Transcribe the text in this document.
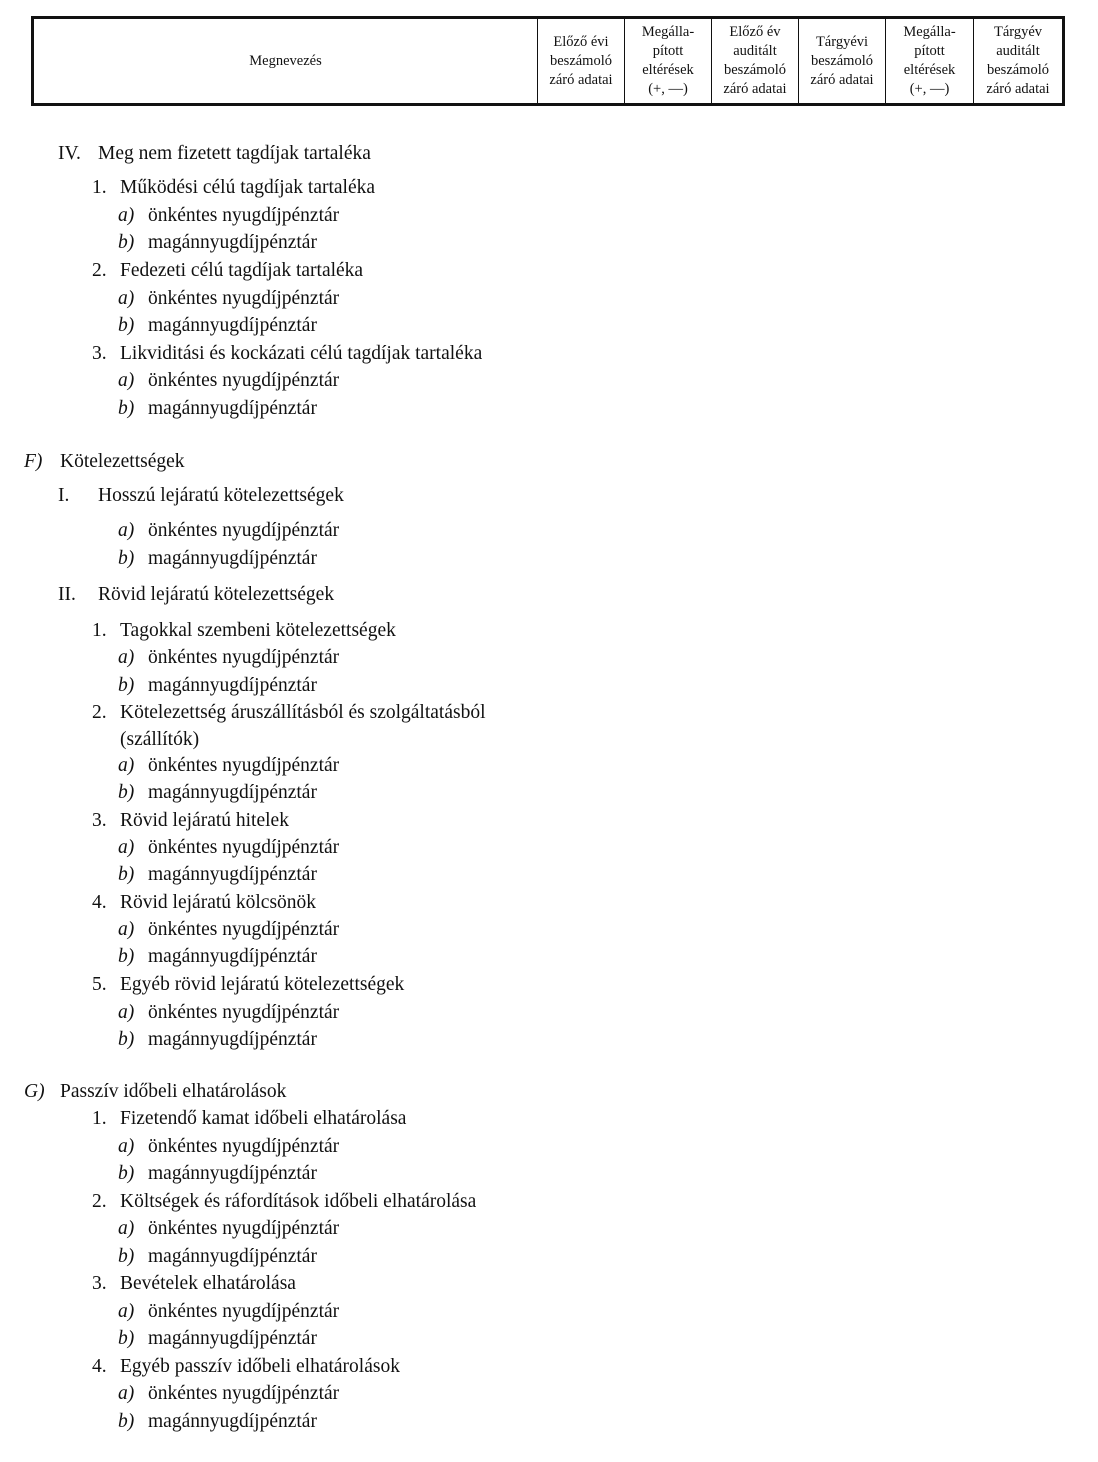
Megnevezés	Előző évi
beszámoló
záró adatai	Megálla-
pított
eltérések
(+, —)	Előző év
auditált
beszámoló
záró adatai	Tárgyévi
beszámoló
záró adatai	Megálla-
pított
eltérések
(+, —)	Tárgyév
auditált
beszámoló
záró adatai
IV. Meg nem fizetett tagdíjak tartaléka
1. Működési célú tagdíjak tartaléka
a) önkéntes nyugdíjpénztár
b) magánnyugdíjpénztár
2. Fedezeti célú tagdíjak tartaléka
a) önkéntes nyugdíjpénztár
b) magánnyugdíjpénztár
3. Likviditási és kockázati célú tagdíjak tartaléka
a) önkéntes nyugdíjpénztár
b) magánnyugdíjpénztár
F) Kötelezettségek
I. Hosszú lejáratú kötelezettségek
a) önkéntes nyugdíjpénztár
b) magánnyugdíjpénztár
II. Rövid lejáratú kötelezettségek
1. Tagokkal szembeni kötelezettségek
a) önkéntes nyugdíjpénztár
b) magánnyugdíjpénztár
2. Kötelezettség áruszállításból és szolgáltatásból
(szállítók)
a) önkéntes nyugdíjpénztár
b) magánnyugdíjpénztár
3. Rövid lejáratú hitelek
a) önkéntes nyugdíjpénztár
b) magánnyugdíjpénztár
4. Rövid lejáratú kölcsönök
a) önkéntes nyugdíjpénztár
b) magánnyugdíjpénztár
5. Egyéb rövid lejáratú kötelezettségek
a) önkéntes nyugdíjpénztár
b) magánnyugdíjpénztár
G) Passzív időbeli elhatárolások
1. Fizetendő kamat időbeli elhatárolása
a) önkéntes nyugdíjpénztár
b) magánnyugdíjpénztár
2. Költségek és ráfordítások időbeli elhatárolása
a) önkéntes nyugdíjpénztár
b) magánnyugdíjpénztár
3. Bevételek elhatárolása
a) önkéntes nyugdíjpénztár
b) magánnyugdíjpénztár
4. Egyéb passzív időbeli elhatárolások
a) önkéntes nyugdíjpénztár
b) magánnyugdíjpénztár
